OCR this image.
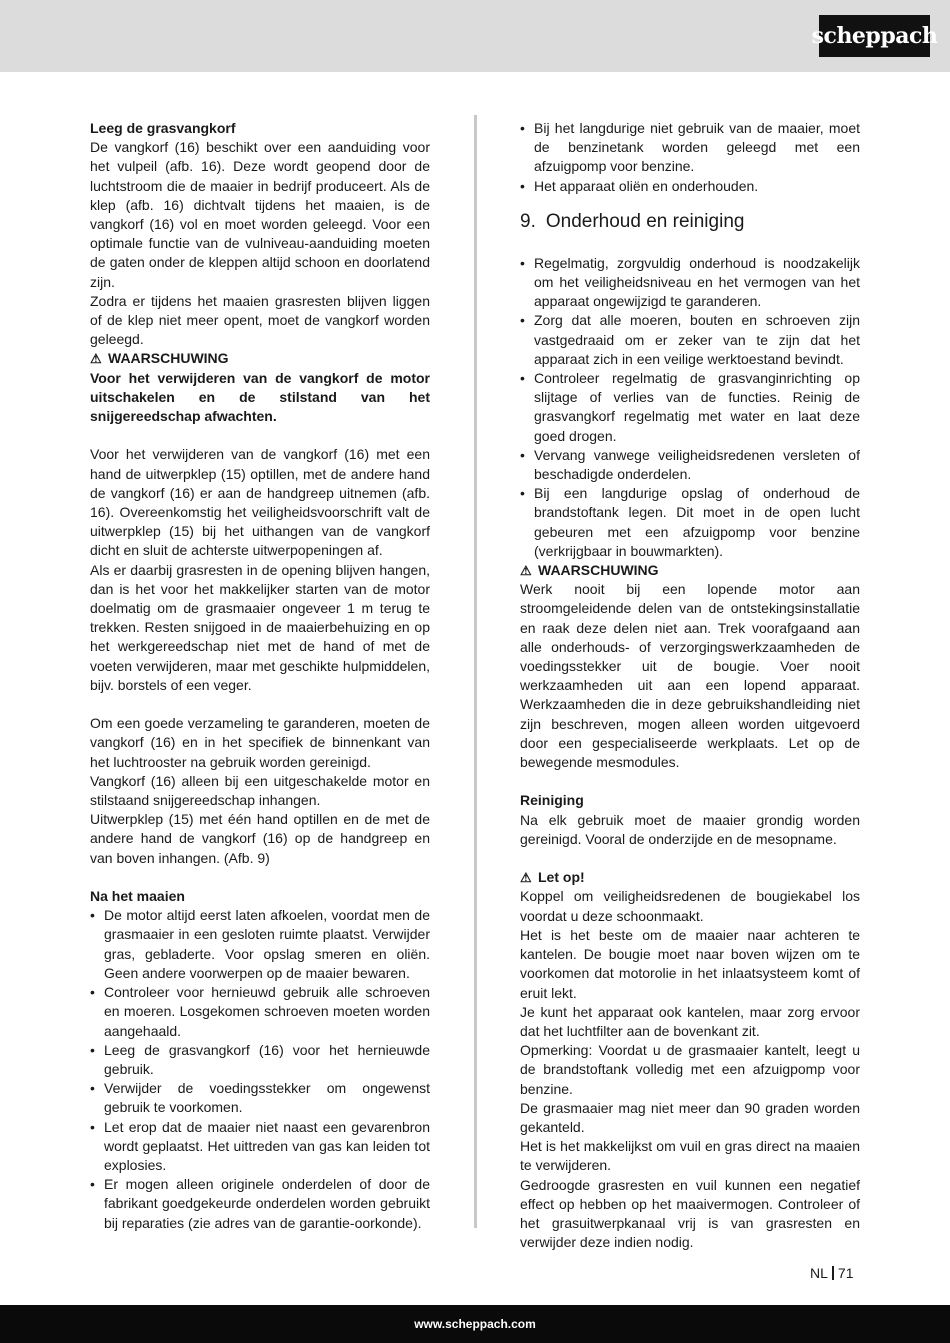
scheppach

Leeg de grasvangkorf

De vangkorf (16) beschikt over een aanduiding voor het vulpeil (afb. 16). Deze wordt geopend door de luchtstroom die de maaier in bedrijf produceert. Als de klep (afb. 16) dichtvalt tijdens het maaien, is de vangkorf (16) vol en moet worden geleegd. Voor een optimale functie van de vulniveau-aanduiding moeten de gaten onder de kleppen altijd schoon en doorlatend zijn.

Zodra er tijdens het maaien grasresten blijven liggen of de klep niet meer opent, moet de vangkorf worden geleegd.

⚠ WAARSCHUWING

Voor het verwijderen van de vangkorf de motor uitschakelen en de stilstand van het snijgereedschap afwachten.

Voor het verwijderen van de vangkorf (16) met een hand de uitwerpklep (15) optillen, met de andere hand de vangkorf (16) er aan de handgreep uitnemen (afb. 16). Overeenkomstig het veiligheidsvoorschrift valt de uitwerpklep (15) bij het uithangen van de vangkorf dicht en sluit de achterste uitwerpopeningen af.

Als er daarbij grasresten in de opening blijven hangen, dan is het voor het makkelijker starten van de motor doelmatig om de grasmaaier ongeveer 1 m terug te trekken. Resten snijgoed in de maaierbehuizing en op het werkgereedschap niet met de hand of met de voeten verwijderen, maar met geschikte hulpmiddelen, bijv. borstels of een veger.

Om een goede verzameling te garanderen, moeten de vangkorf (16) en in het specifiek de binnenkant van het luchtrooster na gebruik worden gereinigd.

Vangkorf (16) alleen bij een uitgeschakelde motor en stilstaand snijgereedschap inhangen.

Uitwerpklep (15) met één hand optillen en de met de andere hand de vangkorf (16) op de handgreep en van boven inhangen. (Afb. 9)

Na het maaien

• De motor altijd eerst laten afkoelen, voordat men de grasmaaier in een gesloten ruimte plaatst. Verwijder gras, gebladerte. Voor opslag smeren en oliën. Geen andere voorwerpen op de maaier bewaren.
• Controleer voor hernieuwd gebruik alle schroeven en moeren. Losgekomen schroeven moeten worden aangehaald.
• Leeg de grasvangkorf (16) voor het hernieuwde gebruik.
• Verwijder de voedingsstekker om ongewenst gebruik te voorkomen.
• Let erop dat de maaier niet naast een gevarenbron wordt geplaatst. Het uittreden van gas kan leiden tot explosies.
• Er mogen alleen originele onderdelen of door de fabrikant goedgekeurde onderdelen worden gebruikt bij reparaties (zie adres van de garantie-oorkonde).
• Bij het langdurige niet gebruik van de maaier, moet de benzinetank worden geleegd met een afzuigpomp voor benzine.
• Het apparaat oliën en onderhouden.
9. Onderhoud en reiniging
• Regelmatig, zorgvuldig onderhoud is noodzakelijk om het veiligheidsniveau en het vermogen van het apparaat ongewijzigd te garanderen.
• Zorg dat alle moeren, bouten en schroeven zijn vastgedraaid om er zeker van te zijn dat het apparaat zich in een veilige werktoestand bevindt.
• Controleer regelmatig de grasvanginrichting op slijtage of verlies van de functies. Reinig de grasvangkorf regelmatig met water en laat deze goed drogen.
• Vervang vanwege veiligheidsredenen versleten of beschadigde onderdelen.
• Bij een langdurige opslag of onderhoud de brandstoftank legen. Dit moet in de open lucht gebeuren met een afzuigpomp voor benzine (verkrijgbaar in bouwmarkten).
⚠ WAARSCHUWING

Werk nooit bij een lopende motor aan stroomgeleidende delen van de ontstekingsinstallatie en raak deze delen niet aan. Trek voorafgaand aan alle onderhouds- of verzorgingswerkzaamheden de voedingsstekker uit de bougie. Voer nooit werkzaamheden uit aan een lopend apparaat. Werkzaamheden die in deze gebruikshandleiding niet zijn beschreven, mogen alleen worden uitgevoerd door een gespecialiseerde werkplaats. Let op de bewegende mesmodules.

Reiniging

Na elk gebruik moet de maaier grondig worden gereinigd. Vooral de onderzijde en de mesopname.

⚠ Let op!

Koppel om veiligheidsredenen de bougiekabel los voordat u deze schoonmaakt.

Het is het beste om de maaier naar achteren te kantelen. De bougie moet naar boven wijzen om te voorkomen dat motorolie in het inlaatsysteem komt of eruit lekt.

Je kunt het apparaat ook kantelen, maar zorg ervoor dat het luchtfilter aan de bovenkant zit.

Opmerking: Voordat u de grasmaaier kantelt, leegt u de brandstoftank volledig met een afzuigpomp voor benzine.

De grasmaaier mag niet meer dan 90 graden worden gekanteld.

Het is het makkelijkst om vuil en gras direct na maaien te verwijderen.

Gedroogde grasresten en vuil kunnen een negatief effect op hebben op het maaivermogen. Controleer of het grasuitwerpkanaal vrij is van grasresten en verwijder deze indien nodig.

NL 71
www.scheppach.com
